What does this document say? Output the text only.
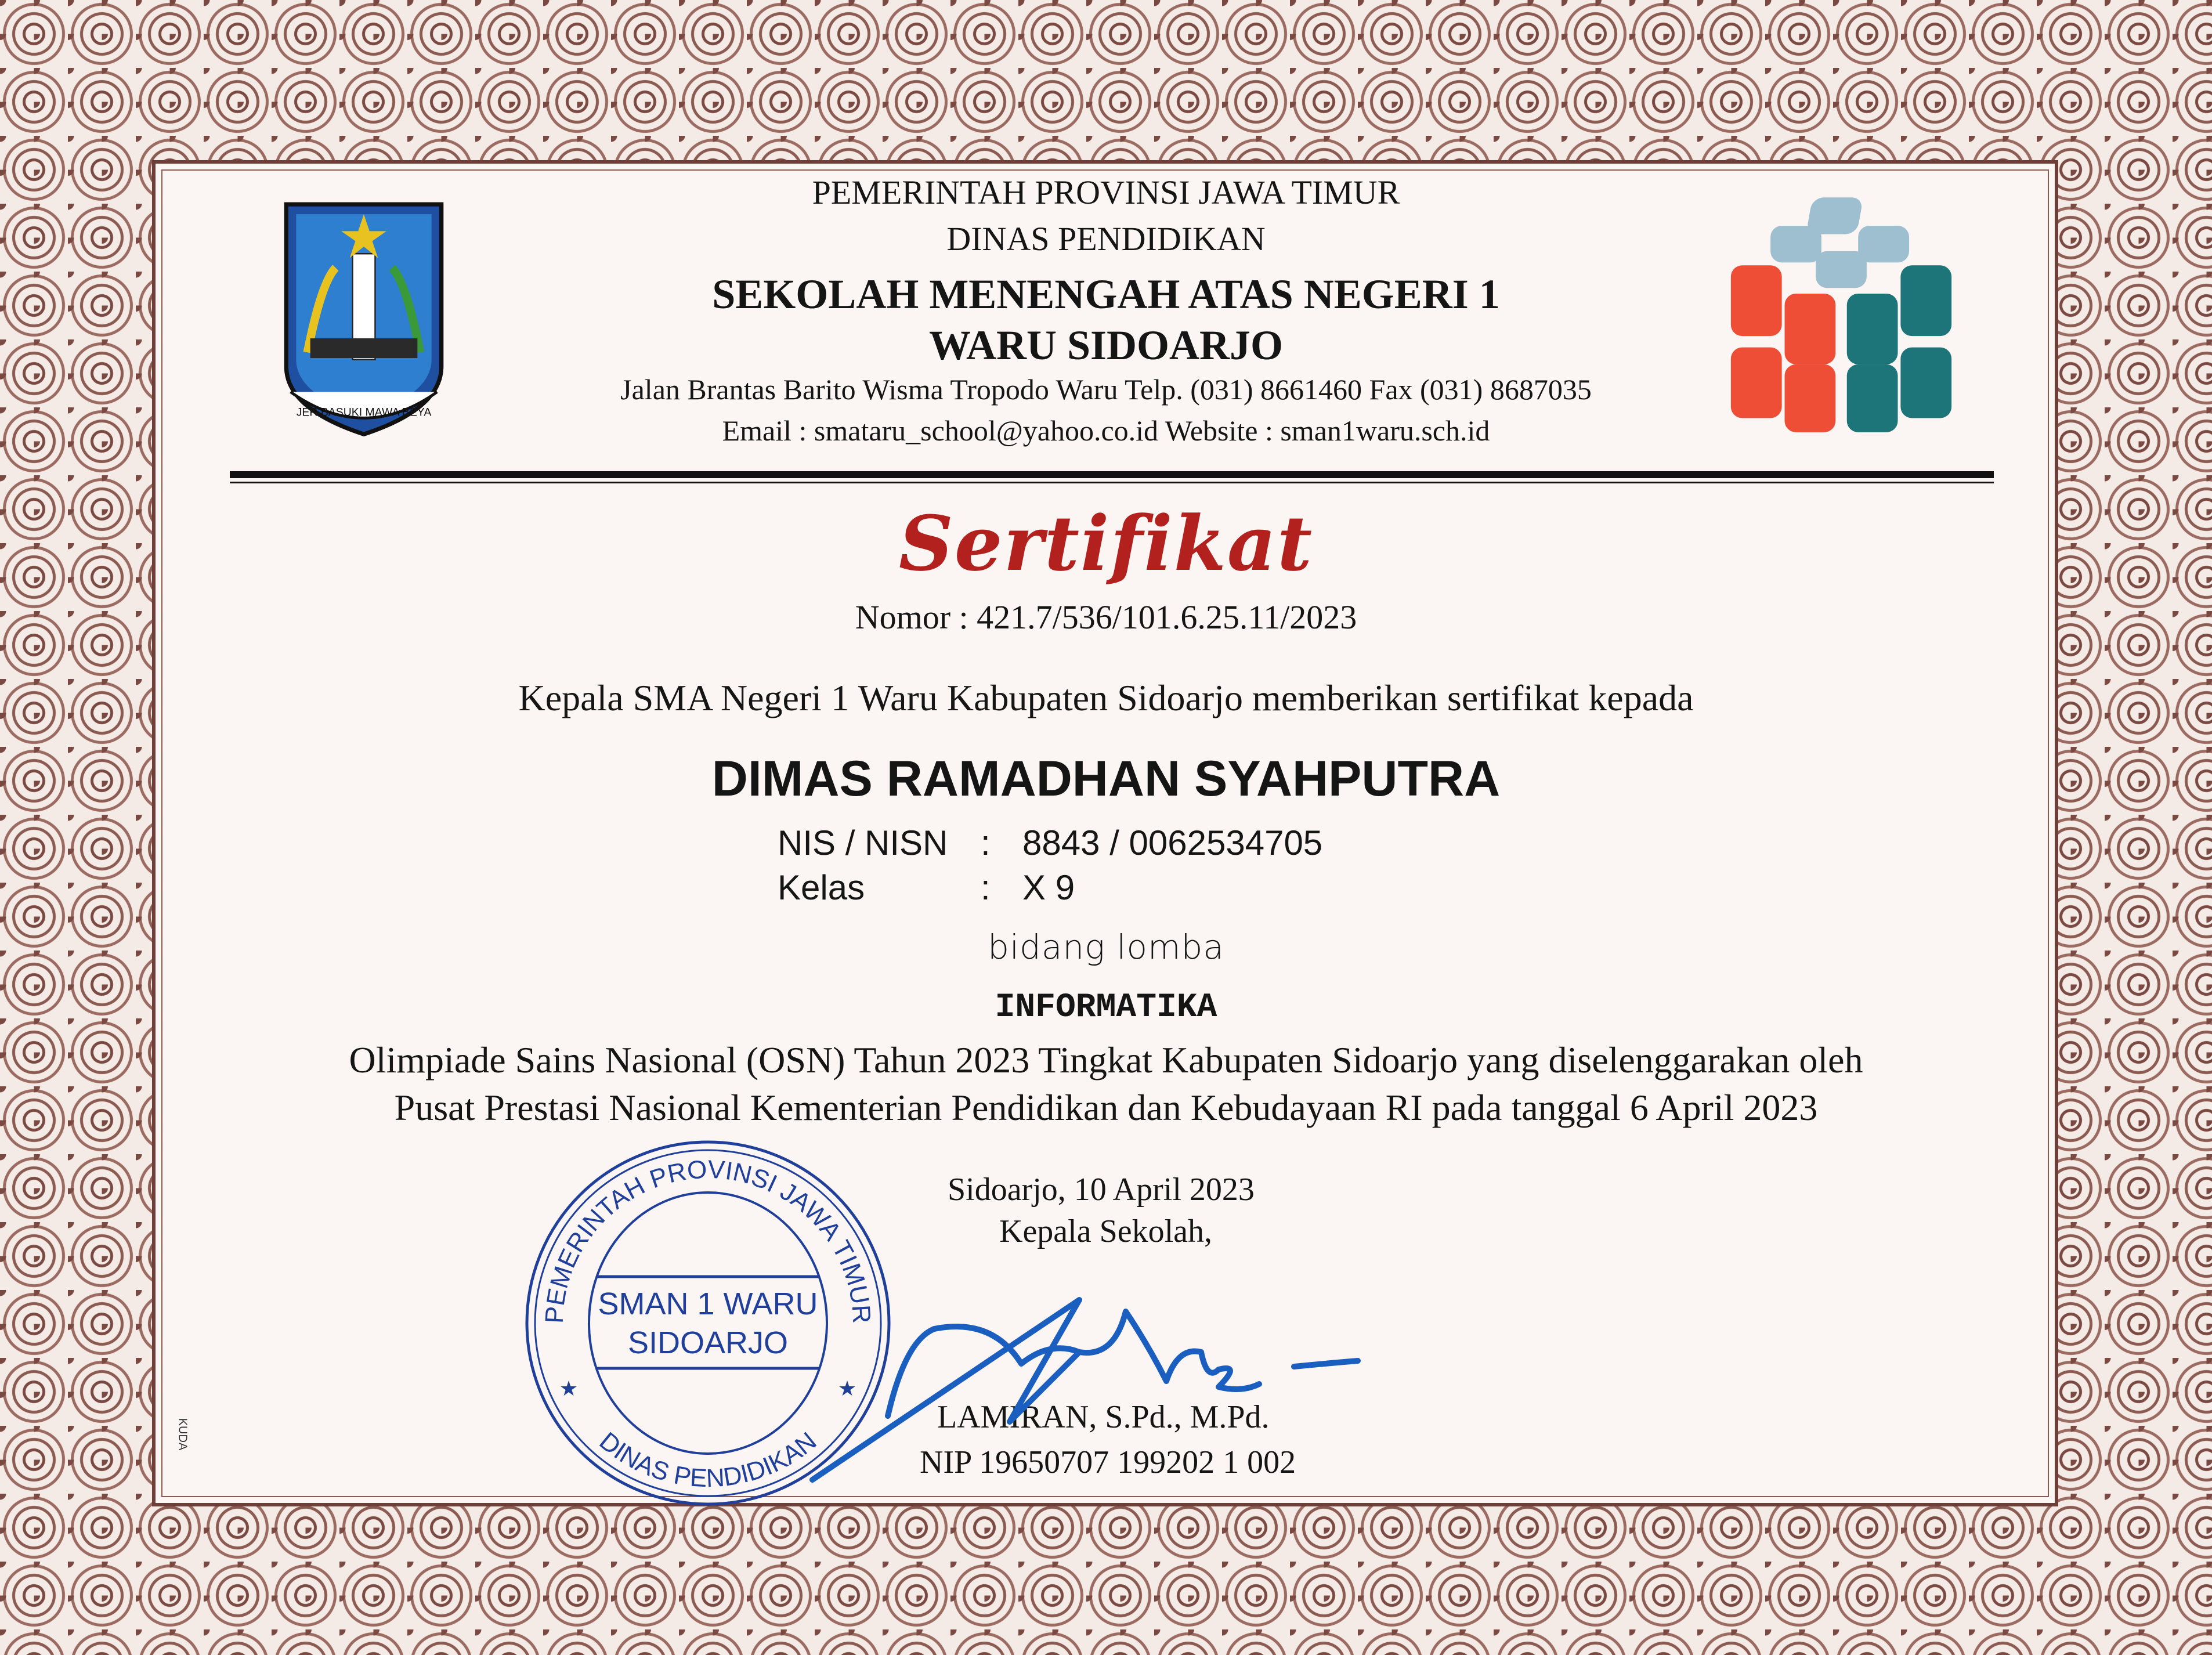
JER BASUKI MAWA BEYA
PEMERINTAH PROVINSI JAWA TIMUR
DINAS PENDIDIKAN
SEKOLAH MENENGAH ATAS NEGERI 1
WARU SIDOARJO
Jalan Brantas Barito Wisma Tropodo Waru Telp. (031) 8661460 Fax (031) 8687035
Email : smataru_school@yahoo.co.id Website : sman1waru.sch.id
Sertifikat
Nomor : 421.7/536/101.6.25.11/2023
Kepala SMA Negeri 1 Waru Kabupaten Sidoarjo memberikan sertifikat kepada
DIMAS RAMADHAN SYAHPUTRA
NIS / NISN : 8843 / 0062534705
Kelas	: X 9
bidang lomba
INFORMATIKA
Olimpiade Sains Nasional (OSN) Tahun 2023 Tingkat Kabupaten Sidoarjo yang diselenggarakan oleh
Pusat Prestasi Nasional Kementerian Pendidikan dan Kebudayaan RI pada tanggal 6 April 2023
Sidoarjo, 10 April 2023
Kepala Sekolah,
LAMIRAN, S.Pd., M.Pd.
NIP 19650707 199202 1 002
PEMERINTAH PROVINSI JAWA TIMUR
DINAS PENDIDIKAN
SMAN 1 WARU
SIDOARJO
★	★
KUDA
